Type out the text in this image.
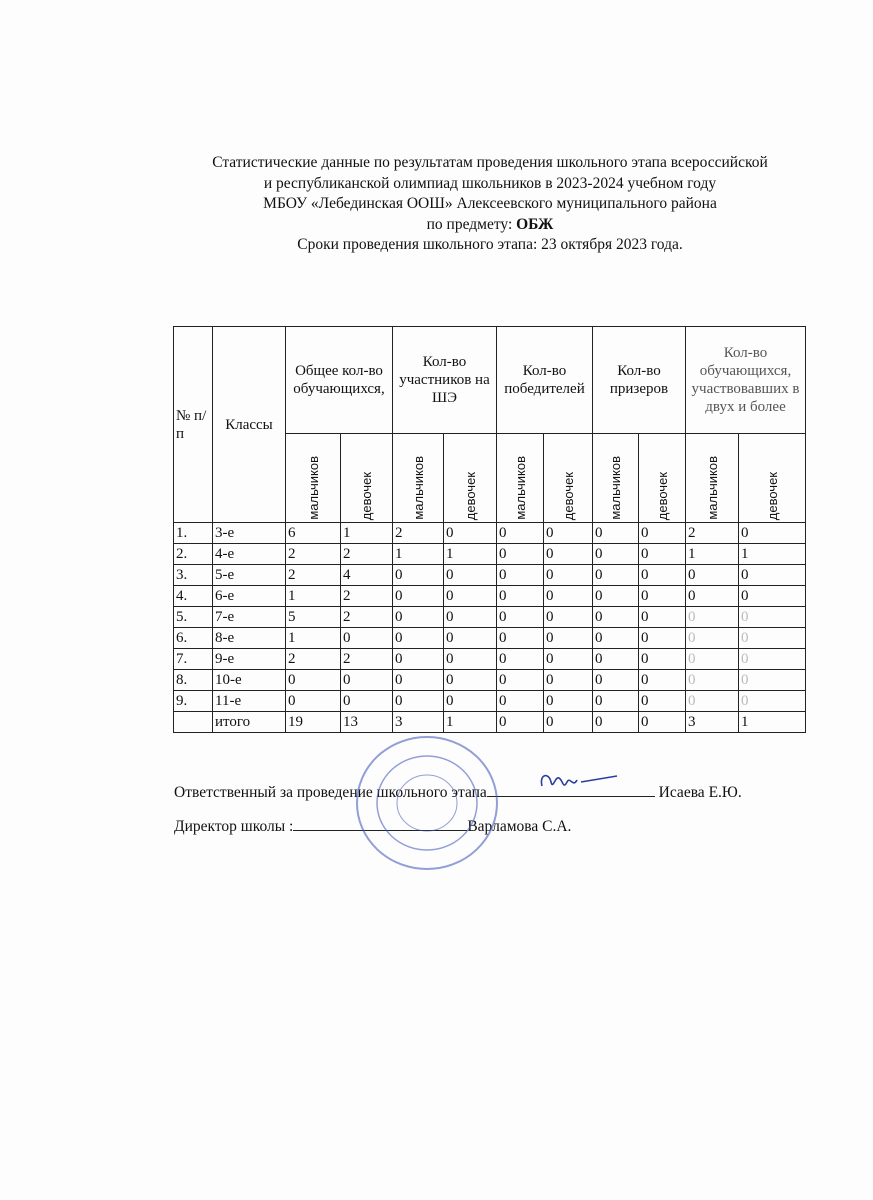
Статистические данные по результатам проведения школьного этапа всероссийской
и республиканской олимпиад школьников в 2023-2024 учебном году
МБОУ «Лебединская ООШ» Алексеевского муниципального района
по предмету: ОБЖ
Сроки проведения школьного этапа: 23 октября 2023 года.
№ п/п	Классы	Общее кол-во обучающихся,		Кол-во участников на ШЭ		Кол-во победителей		Кол-во призеров		Кол-во обучающихся, участвовавших в двух и более	

		мальчиков	девочек	мальчиков	девочек	мальчиков	девочек	мальчиков	девочек	мальчиков	девочек

1.	3-е	6	1	2	0	0	0	0	0	2	0
2.	4-е	2	2	1	1	0	0	0	0	1	1
3.	5-е	2	4	0	0	0	0	0	0	0	0
4.	6-е	1	2	0	0	0	0	0	0	0	0
5.	7-е	5	2	0	0	0	0	0	0	0	0
6.	8-е	1	0	0	0	0	0	0	0	0	0
7.	9-е	2	2	0	0	0	0	0	0	0	0
8.	10-е	0	0	0	0	0	0	0	0	0	0
9.	11-е	0	0	0	0	0	0	0	0	0	0
	итого	19	13	3	1	0	0	0	0	3	1
Ответственный за проведение школьного этапа	Исаева Е.Ю.
Директор школы :	Варламова С.А.
